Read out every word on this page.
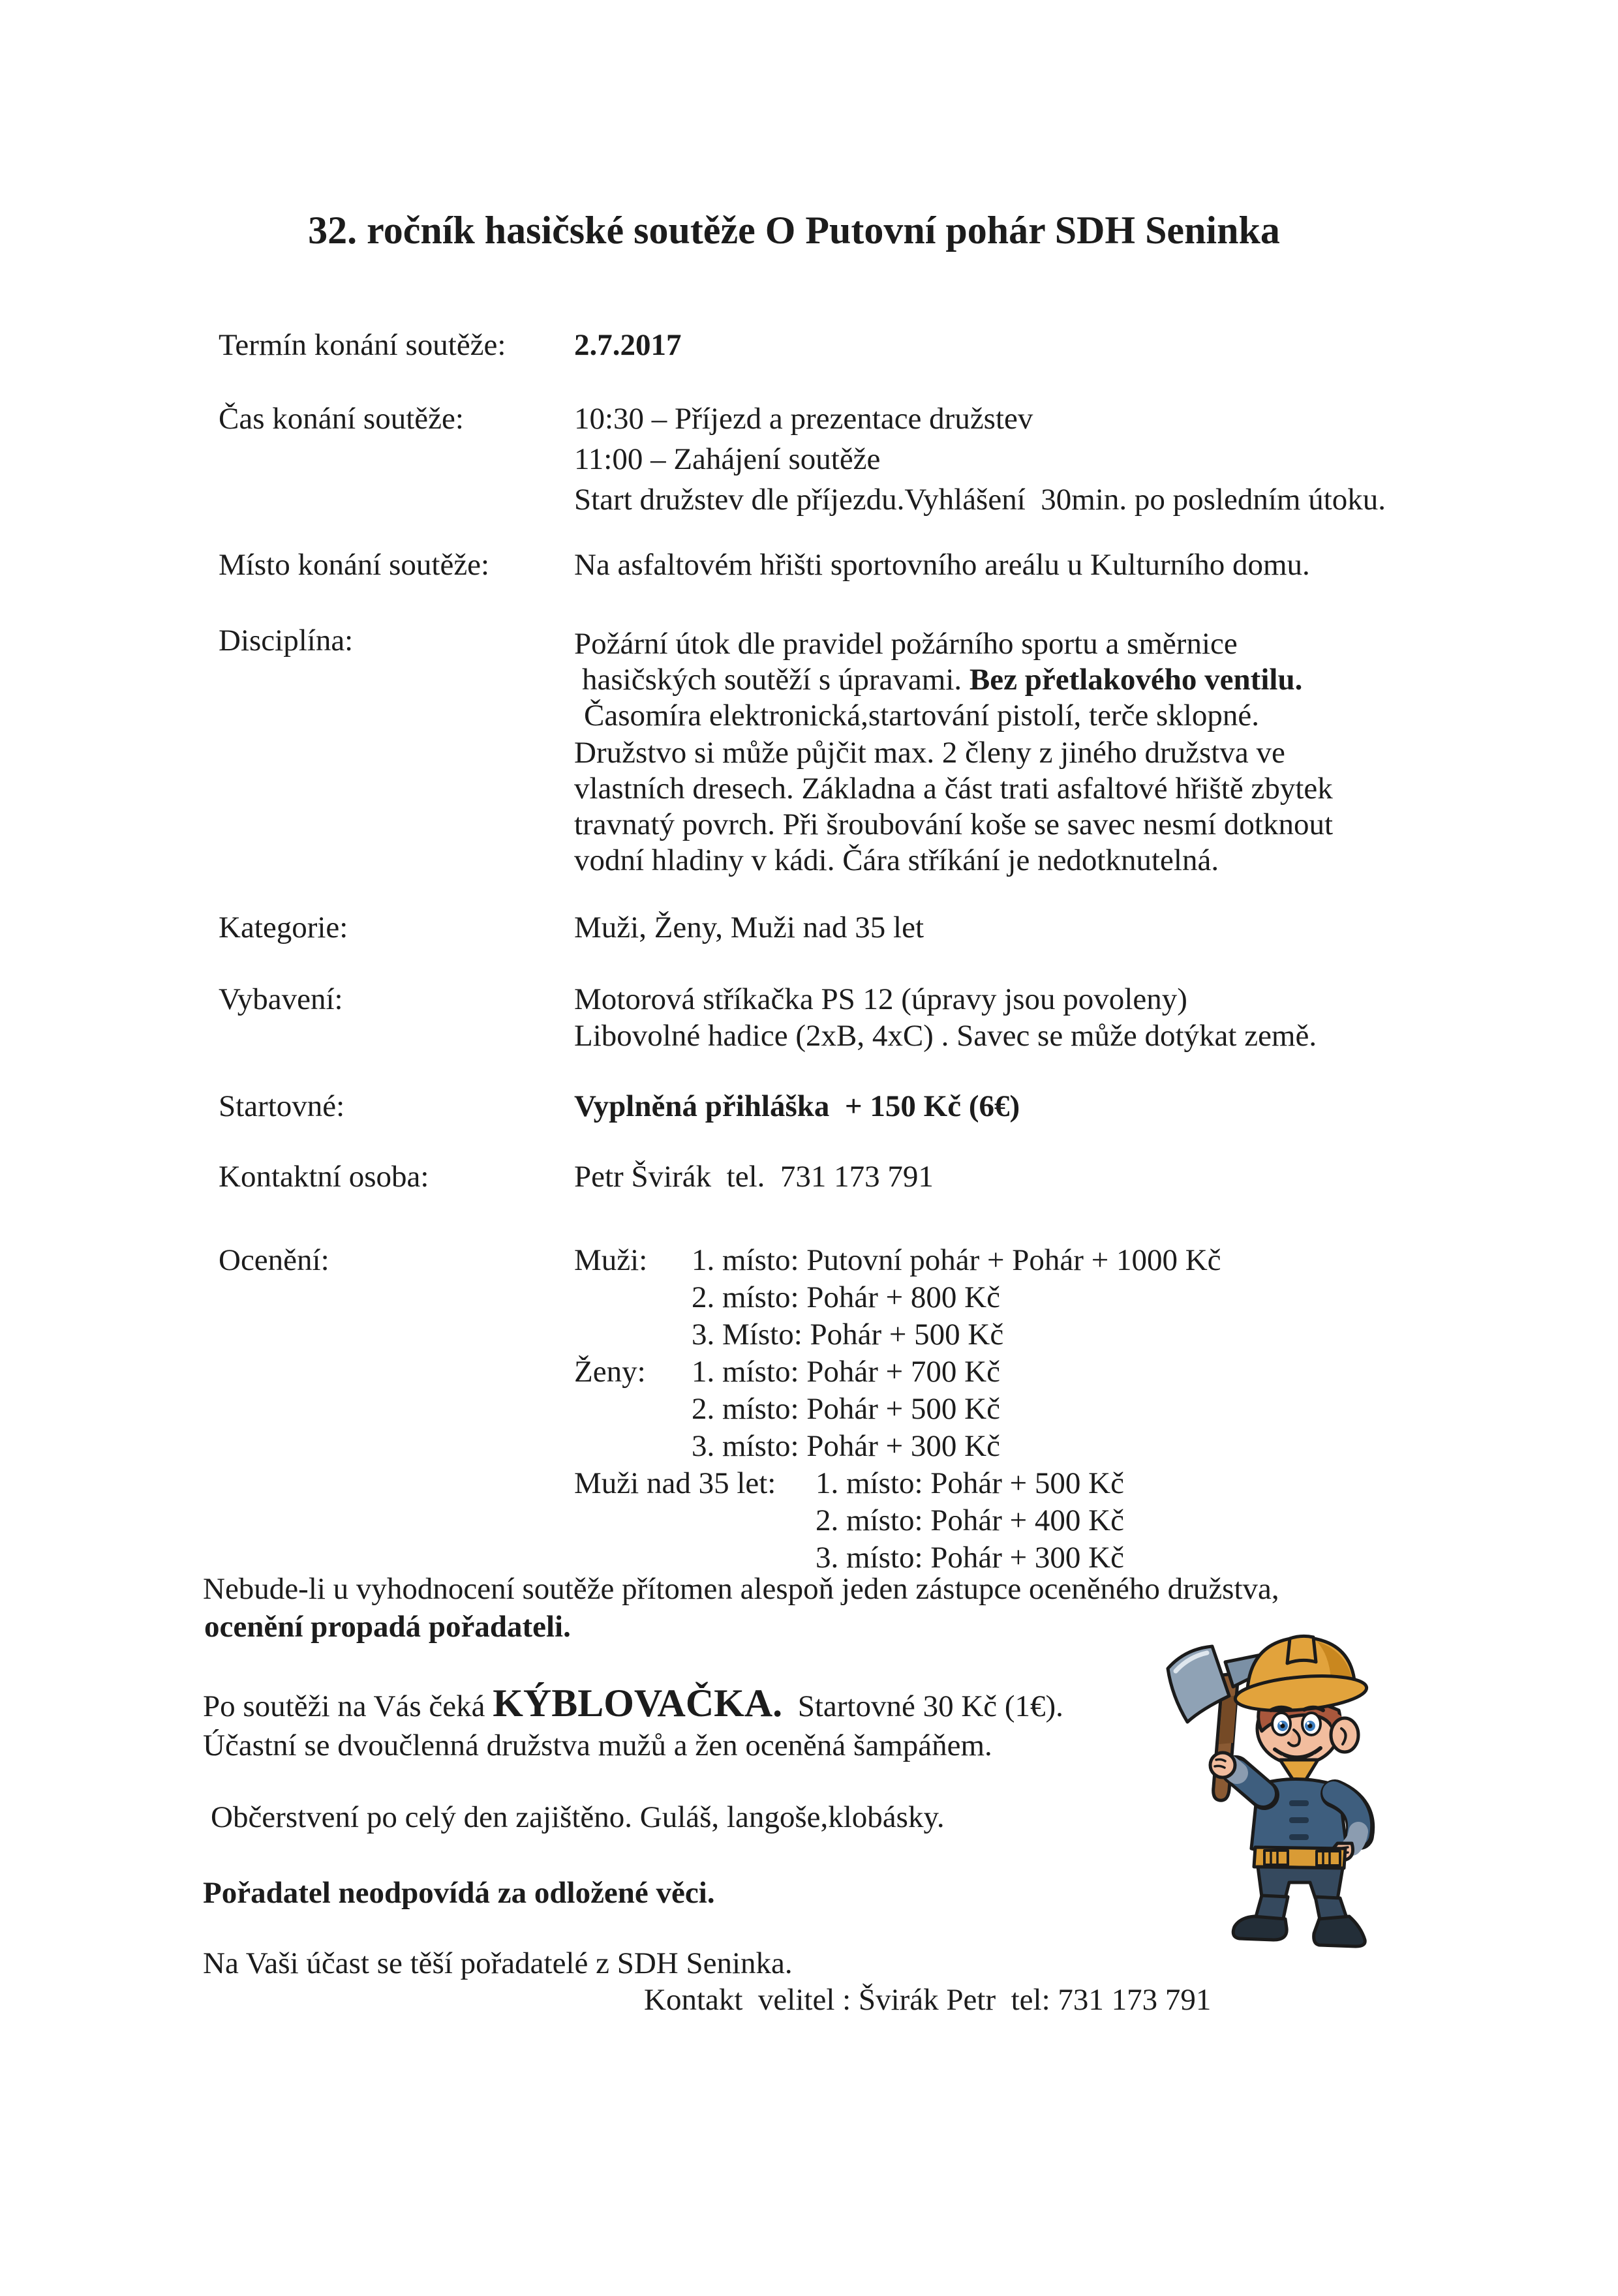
32. ročník hasičské soutěže O Putovní pohár SDH Seninka
Termín konání soutěže: 2.7.2017
Čas konání soutěže:	10:30 – Příjezd a prezentace družstev
11:00 – Zahájení soutěže
Start družstev dle příjezdu.Vyhlášení  30min. po posledním útoku.
Místo konání soutěže:	Na asfaltovém hřišti sportovního areálu u Kulturního domu.
Disciplína:	Požární útok dle pravidel požárního sportu a směrnice
hasičských soutěží s úpravami. Bez přetlakového ventilu.
Časomíra elektronická,startování pistolí, terče sklopné.
Družstvo si může půjčit max. 2 členy z jiného družstva ve
vlastních dresech. Základna a část trati asfaltové hřiště zbytek
travnatý povrch. Při šroubování koše se savec nesmí dotknout
vodní hladiny v kádi. Čára stříkání je nedotknutelná.
Kategorie:	Muži, Ženy, Muži nad 35 let
Vybavení:	Motorová stříkačka PS 12 (úpravy jsou povoleny)
Libovolné hadice (2xB, 4xC) . Savec se může dotýkat země.
Startovné:	Vyplněná přihláška  + 150 Kč (6€)
Kontaktní osoba:	Petr Švirák  tel.  731 173 791
Ocenění:	Muži: 1. místo: Putovní pohár + Pohár + 1000 Kč
2. místo: Pohár + 800 Kč
3. Místo: Pohár + 500 Kč
Ženy: 1. místo: Pohár + 700 Kč
2. místo: Pohár + 500 Kč
3. místo: Pohár + 300 Kč
Muži nad 35 let: 1. místo: Pohár + 500 Kč
2. místo: Pohár + 400 Kč
3. místo: Pohár + 300 Kč
Nebude-li u vyhodnocení soutěže přítomen alespoň jeden zástupce oceněného družstva,
ocenění propadá pořadateli.
Po soutěži na Vás čeká KÝBLOVAČKA.  Startovné 30 Kč (1€).
Účastní se dvoučlenná družstva mužů a žen oceněná šampáňem.
Občerstvení po celý den zajištěno. Guláš, langoše,klobásky.
Pořadatel neodpovídá za odložené věci.
Na Vaši účast se těší pořadatelé z SDH Seninka.
Kontakt  velitel : Švirák Petr  tel: 731 173 791
